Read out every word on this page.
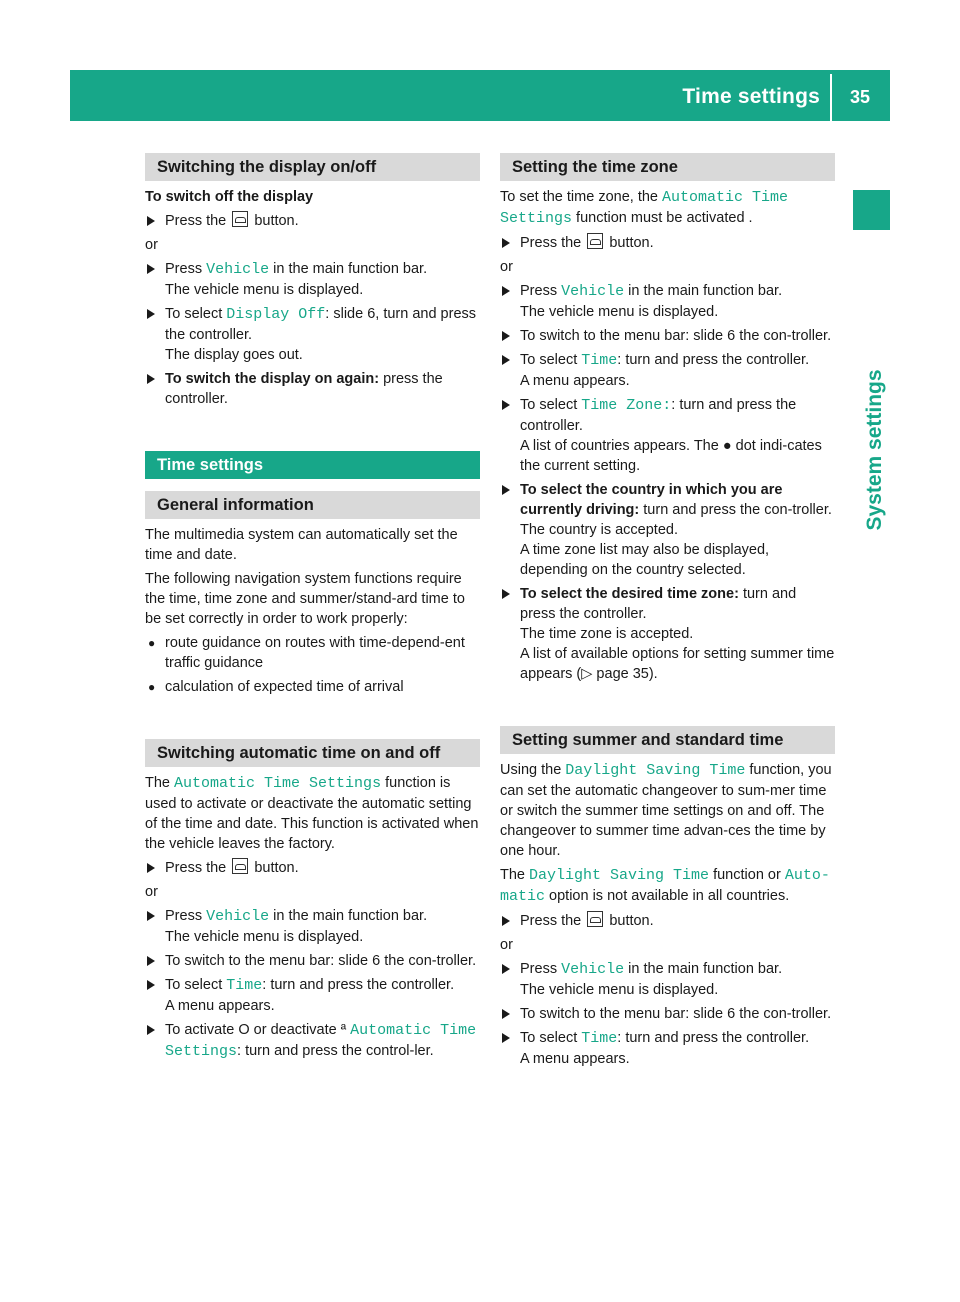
Time settings 35
System settings
Switching the display on/off
To switch off the display
Press the button.

or

Press Vehicle in the main function bar.
The vehicle menu is displayed.
To select Display Off: slide 6, turn and press the controller.
The display goes out.
To switch the display on again: press the controller.
Time settings
General information

The multimedia system can automatically set the time and date.

The following navigation system functions require the time, time zone and summer/stand-ard time to be set correctly in order to work properly:

● route guidance on routes with time-depend-ent traffic guidance
● calculation of expected time of arrival
Switching automatic time on and off

The Automatic Time Settings function is used to activate or deactivate the automatic setting of the time and date. This function is activated when the vehicle leaves the factory.

Press the button.

or

Press Vehicle in the main function bar.
The vehicle menu is displayed.
To switch to the menu bar: slide 6 the con-troller.
To select Time: turn and press the controller.
A menu appears.
To activate O or deactivate ª Automatic Time Settings: turn and press the control-ler.
Setting the time zone

To set the time zone, the Automatic Time Settings function must be activated .

Press the button.

or

Press Vehicle in the main function bar.
The vehicle menu is displayed.
To switch to the menu bar: slide 6 the con-troller.
To select Time: turn and press the controller.
A menu appears.
To select Time Zone:: turn and press the controller.
A list of countries appears. The ● dot indi-cates the current setting.
To select the country in which you are currently driving: turn and press the con-troller.
The country is accepted.
A time zone list may also be displayed, depending on the country selected.
To select the desired time zone: turn and press the controller.
The time zone is accepted.
A list of available options for setting summer time appears (▷ page 35).
Setting summer and standard time

Using the Daylight Saving Time function, you can set the automatic changeover to sum-mer time or switch the summer time settings on and off. The changeover to summer time advan-ces the time by one hour.

The Daylight Saving Time function or Auto-matic option is not available in all countries.

Press the button.

or

Press Vehicle in the main function bar.
The vehicle menu is displayed.
To switch to the menu bar: slide 6 the con-troller.
To select Time: turn and press the controller.
A menu appears.
